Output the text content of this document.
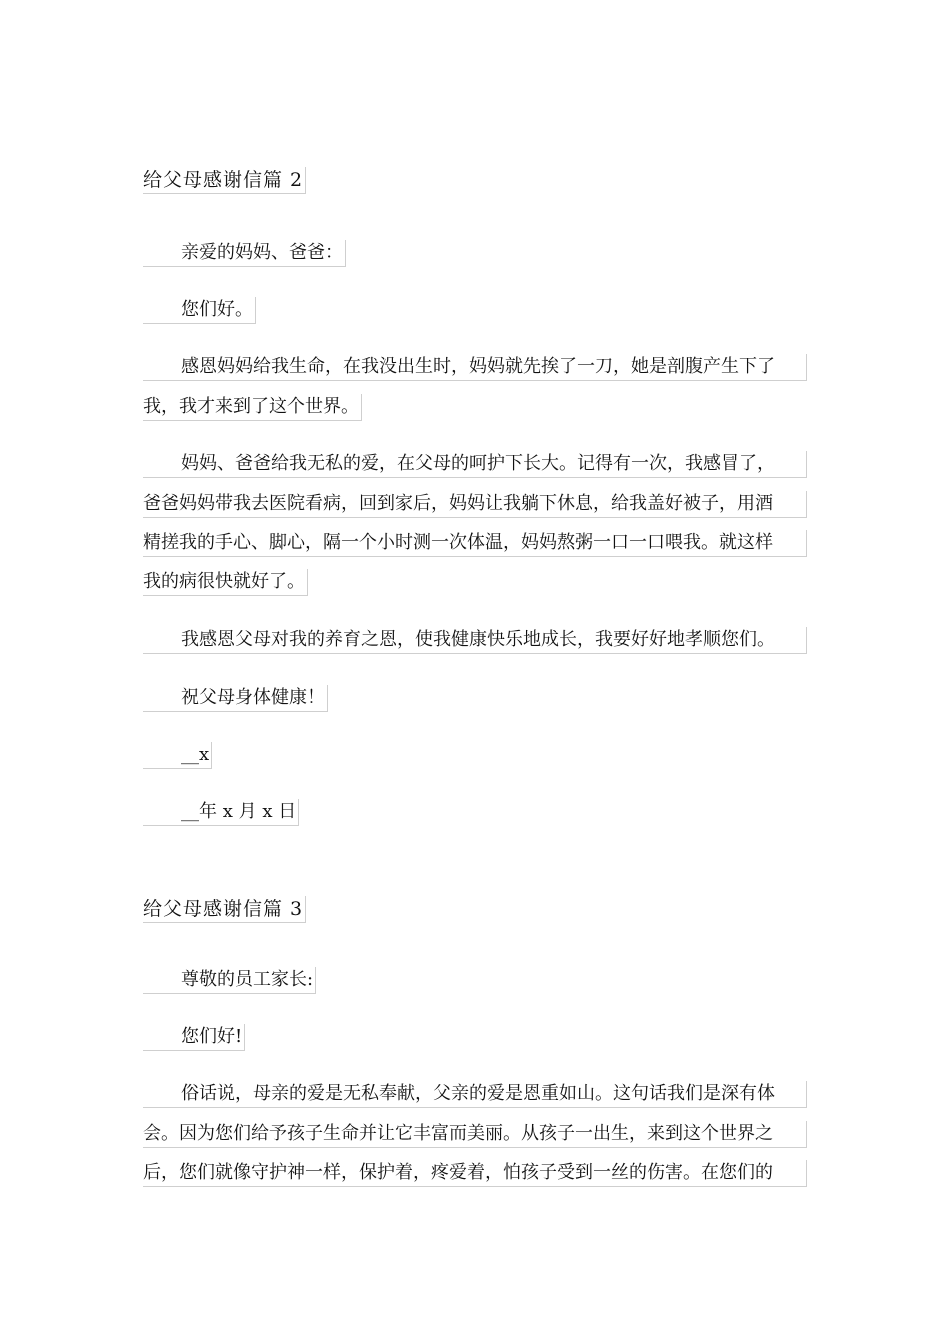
给父母感谢信篇 2
亲爱的妈妈、爸爸：
您们好。
感恩妈妈给我生命，在我没出生时，妈妈就先挨了一刀，她是剖腹产生下了
我，我才来到了这个世界。
妈妈、爸爸给我无私的爱，在父母的呵护下长大。记得有一次，我感冒了，
爸爸妈妈带我去医院看病，回到家后，妈妈让我躺下休息，给我盖好被子，用酒
精搓我的手心、脚心，隔一个小时测一次体温，妈妈熬粥一口一口喂我。就这样
我的病很快就好了。
我感恩父母对我的养育之恩，使我健康快乐地成长，我要好好地孝顺您们。
祝父母身体健康！
__x
__年 x 月 x 日
给父母感谢信篇 3
尊敬的员工家长:
您们好!
俗话说，母亲的爱是无私奉献，父亲的爱是恩重如山。这句话我们是深有体
会。因为您们给予孩子生命并让它丰富而美丽。从孩子一出生，来到这个世界之
后，您们就像守护神一样，保护着，疼爱着，怕孩子受到一丝的伤害。在您们的
